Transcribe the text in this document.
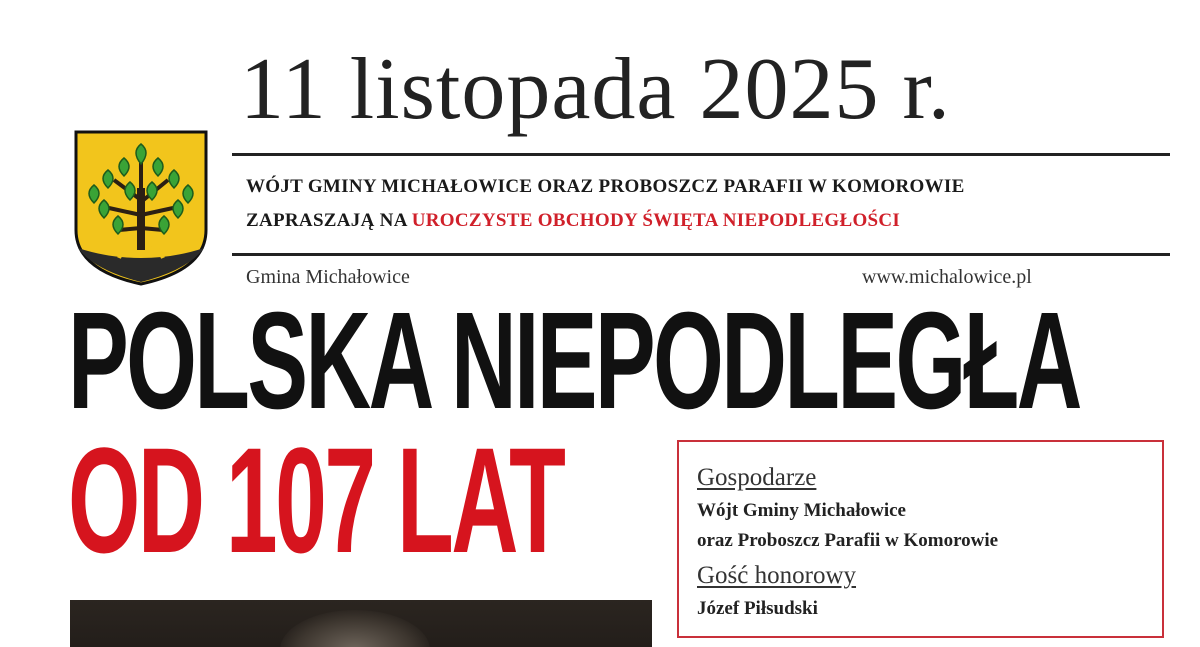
11 listopada 2025 r.
WÓJT GMINY MICHAŁOWICE ORAZ PROBOSZCZ PARAFII W KOMOROWIE
ZAPRASZAJĄ NA UROCZYSTE OBCHODY ŚWIĘTA NIEPODLEGŁOŚCI
Gmina Michałowice	www.michalowice.pl
POLSKA NIEPODLEGŁA
OD 107 LAT	Gospodarze
Wójt Gminy Michałowice
oraz Proboszcz Parafii w Komorowie
Gość honorowy
Józef Piłsudski
